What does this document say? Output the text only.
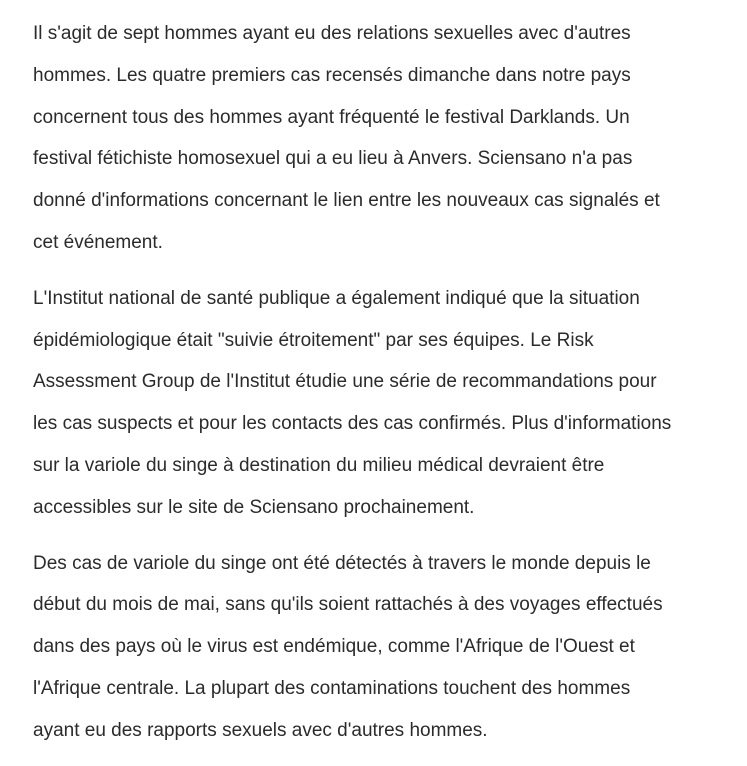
Il s'agit de sept hommes ayant eu des relations sexuelles avec d'autres
hommes. Les quatre premiers cas recensés dimanche dans notre pays
concernent tous des hommes ayant fréquenté le festival Darklands. Un
festival fétichiste homosexuel qui a eu lieu à Anvers. Sciensano n'a pas
donné d'informations concernant le lien entre les nouveaux cas signalés et
cet événement.

L'Institut national de santé publique a également indiqué que la situation
épidémiologique était "suivie étroitement" par ses équipes. Le Risk
Assessment Group de l'Institut étudie une série de recommandations pour
les cas suspects et pour les contacts des cas confirmés. Plus d'informations
sur la variole du singe à destination du milieu médical devraient être
accessibles sur le site de Sciensano prochainement.

Des cas de variole du singe ont été détectés à travers le monde depuis le
début du mois de mai, sans qu'ils soient rattachés à des voyages effectués
dans des pays où le virus est endémique, comme l'Afrique de l'Ouest et
l'Afrique centrale. La plupart des contaminations touchent des hommes
ayant eu des rapports sexuels avec d'autres hommes.
